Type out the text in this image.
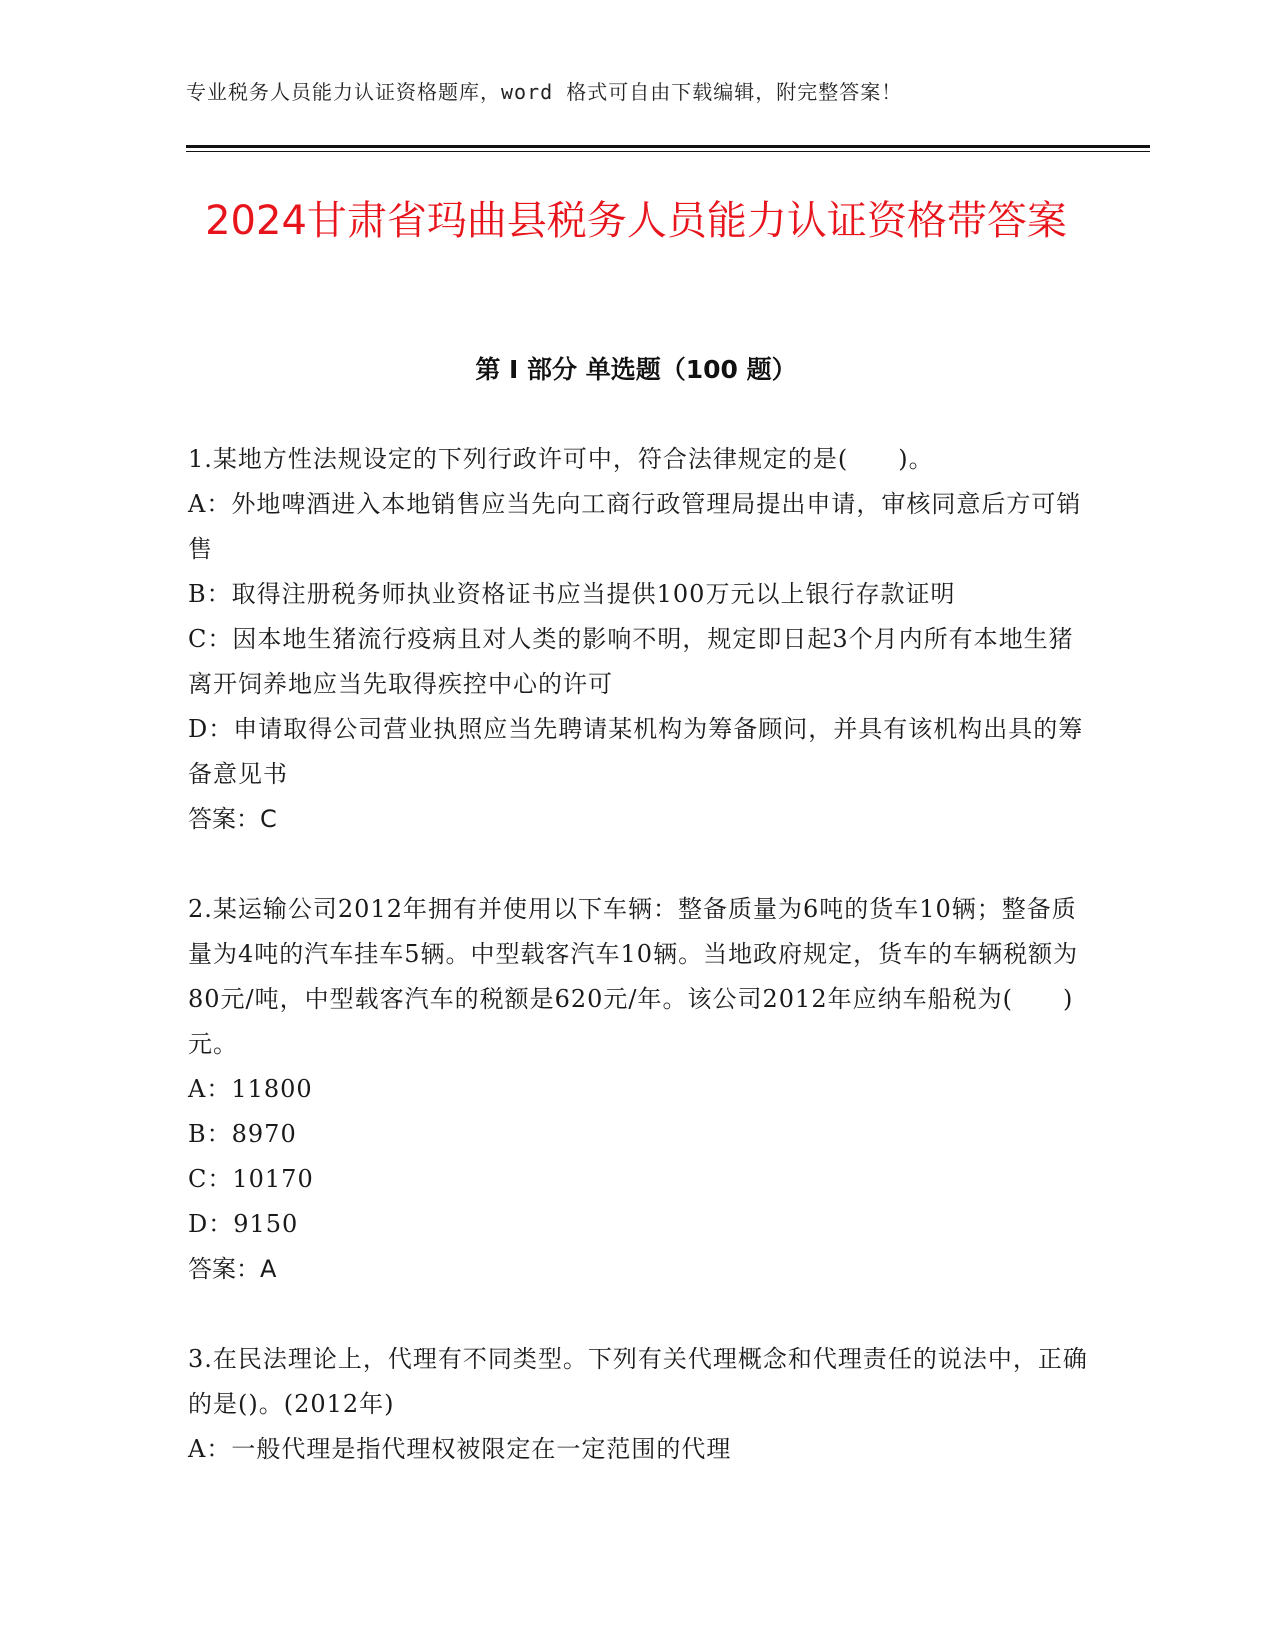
专业税务人员能力认证资格题库，word 格式可自由下载编辑，附完整答案！
2024甘肃省玛曲县税务人员能力认证资格带答案
第 I 部分 单选题（100 题）

1.某地方性法规设定的下列行政许可中，符合法律规定的是(　　)。

A：外地啤酒进入本地销售应当先向工商行政管理局提出申请，审核同意后方可销售

B：取得注册税务师执业资格证书应当提供100万元以上银行存款证明

C：因本地生猪流行疫病且对人类的影响不明，规定即日起3个月内所有本地生猪离开饲养地应当先取得疾控中心的许可

D：申请取得公司营业执照应当先聘请某机构为筹备顾问，并具有该机构出具的筹备意见书

答案：C

2.某运输公司2012年拥有并使用以下车辆：整备质量为6吨的货车10辆；整备质量为4吨的汽车挂车5辆。中型载客汽车10辆。当地政府规定，货车的车辆税额为80元/吨，中型载客汽车的税额是620元/年。该公司2012年应纳车船税为(　　)元。

A：11800

B：8970

C：10170

D：9150

答案：A

3.在民法理论上，代理有不同类型。下列有关代理概念和代理责任的说法中，正确的是()。(2012年)

A：一般代理是指代理权被限定在一定范围的代理
